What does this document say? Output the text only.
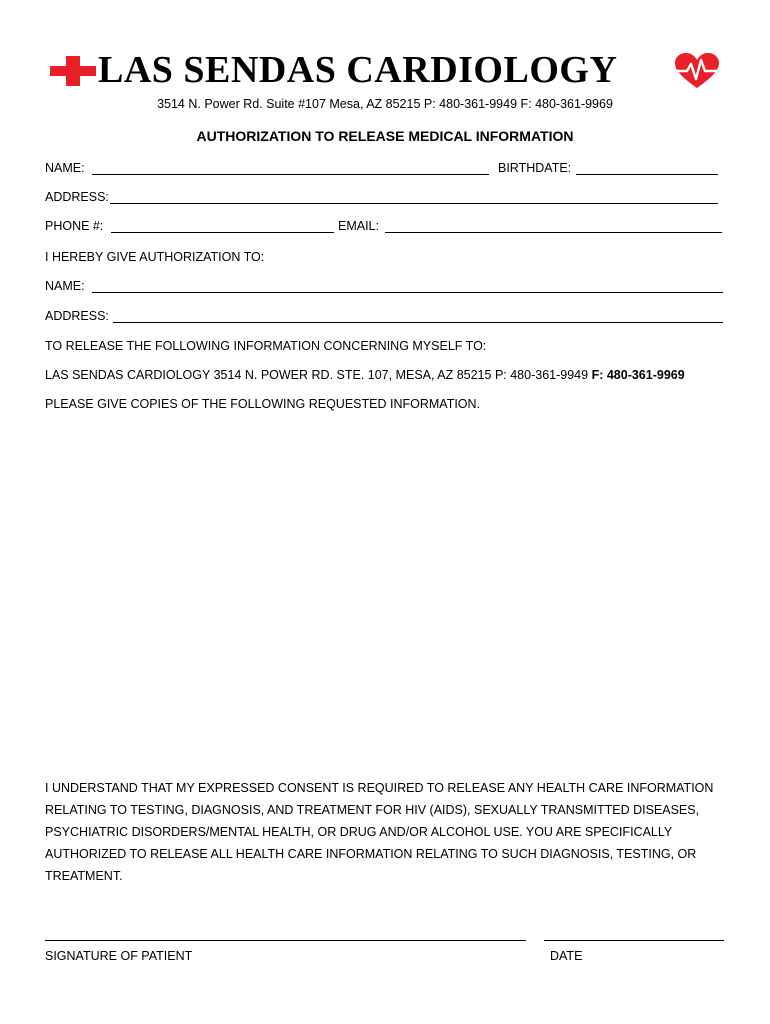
LAS SENDAS CARDIOLOGY
3514 N. Power Rd. Suite #107 Mesa, AZ 85215 P: 480-361-9949 F: 480-361-9969
AUTHORIZATION TO RELEASE MEDICAL INFORMATION
NAME:	BIRTHDATE:
ADDRESS:
PHONE #:	EMAIL:
I HEREBY GIVE AUTHORIZATION TO:
NAME:
ADDRESS:
TO RELEASE THE FOLLOWING INFORMATION CONCERNING MYSELF TO:
LAS SENDAS CARDIOLOGY 3514 N. POWER RD. STE. 107, MESA, AZ 85215 P: 480-361-9949 F: 480-361-9969
PLEASE GIVE COPIES OF THE FOLLOWING REQUESTED INFORMATION.
I UNDERSTAND THAT MY EXPRESSED CONSENT IS REQUIRED TO RELEASE ANY HEALTH CARE INFORMATION RELATING TO TESTING, DIAGNOSIS, AND TREATMENT FOR HIV (AIDS), SEXUALLY TRANSMITTED DISEASES, PSYCHIATRIC DISORDERS/MENTAL HEALTH, OR DRUG AND/OR ALCOHOL USE. YOU ARE SPECIFICALLY AUTHORIZED TO RELEASE ALL HEALTH CARE INFORMATION RELATING TO SUCH DIAGNOSIS, TESTING, OR TREATMENT.
SIGNATURE OF PATIENT	DATE
